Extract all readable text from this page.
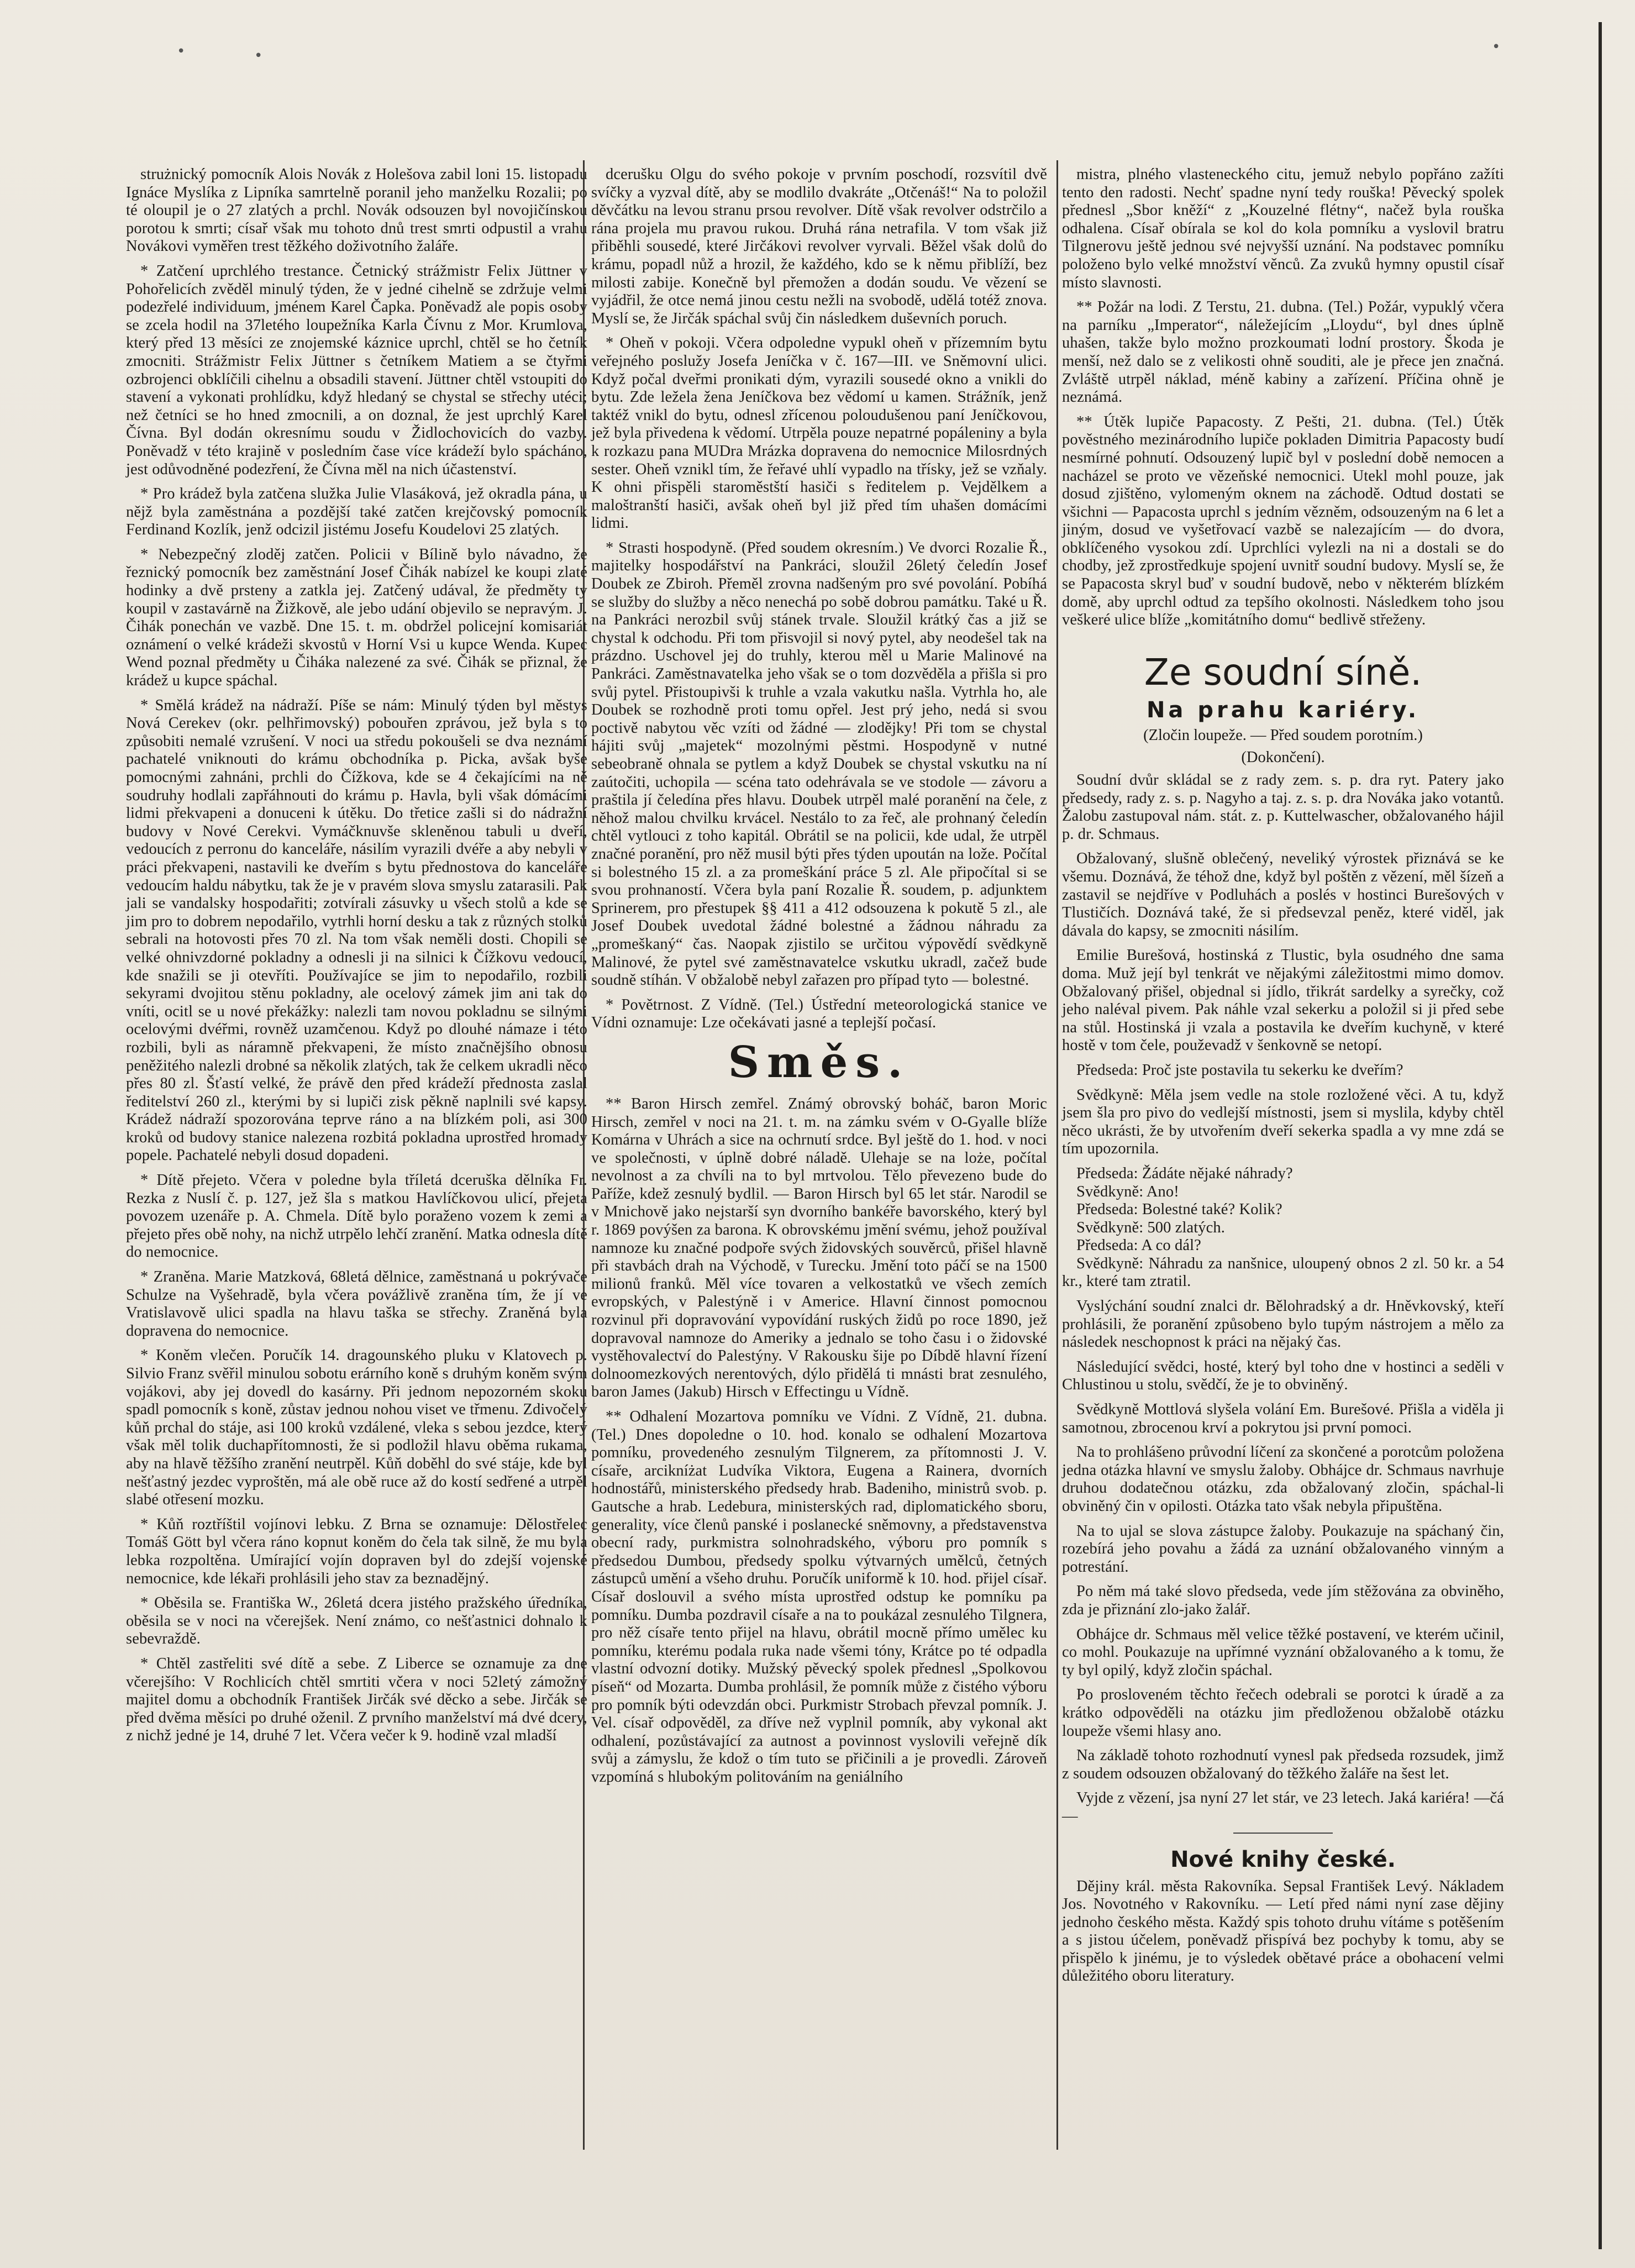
•	•
•

strużnický pomocník Alois Novák z Holešova zabil loni 15. listopadu Ignáce Myslíka z Lipníka samrtelně poranil jeho manželku Rozalii; po té oloupil je o 27 zlatých a prchl. Novák odsouzen byl novojičínskou porotou k smrti; císař však mu tohoto dnů trest smrti odpustil a vrahu Novákovi vyměřen trest těžkého doživotního žaláře.

* Zatčení uprchlého trestance. Četnický strážmistr Felix Jüttner v Pohořelicích zvěděl minulý týden, že v jedné cihelně se zdržuje velmi podezřelé individuum, jménem Karel Čapka. Poněvadž ale popis osoby se zcela hodil na 37letého loupežníka Karla Čívnu z Mor. Krumlova, který před 13 měsíci ze znojemské káznice uprchl, chtěl se ho četník zmocniti. Strážmistr Felix Jüttner s četníkem Matiem a se čtyřmi ozbrojenci obklíčili cihelnu a obsadili stavení. Jüttner chtěl vstoupiti do stavení a vykonati prohlídku, když hledaný se chystal se střechy utéci; než četníci se ho hned zmocnili, a on doznal, že jest uprchlý Karel Čívna. Byl dodán okresnímu soudu v Židlochovicích do vazby. Poněvadž v této krajině v posledním čase více krádeží bylo spácháno, jest odůvodněné podezření, že Čívna měl na nich účastenství.

* Pro krádež byla zatčena služka Julie Vlasáková, jež okradla pána, u nějž byla zaměstnána a pozdější také zatčen krejčovský pomocník Ferdinand Kozlík, jenž odcizil jistému Josefu Koudelovi 25 zlatých.

* Nebezpečný zloděj zatčen. Policii v Bílině bylo návadno, že řeznický pomocník bez zaměstnání Josef Čihák nabízel ke koupi zlaté hodinky a dvě prsteny a zatkla jej. Zatčený udával, že předměty ty koupil v zastavárně na Žižkově, ale jebo udání objevilo se nepravým. J. Čihák ponechán ve vazbě. Dne 15. t. m. obdržel policejní komisariát oznámení o velké krádeži skvostů v Horní Vsi u kupce Wenda. Kupec Wend poznal předměty u Čiháka nalezené za své. Čihák se přiznal, že krádež u kupce spáchal.

* Smělá krádež na nádraží. Píše se nám: Minulý týden byl městys Nová Cerekev (okr. pelhřimovský) pobouřen zprávou, jež byla s to způsobiti nemalé vzrušení. V noci ua středu pokoušeli se dva neznámí pachatelé vniknouti do krámu obchodníka p. Picka, avšak byše pomocnými zahnáni, prchli do Čížkova, kde se 4 čekajícími na ně soudruhy hodlali zapřáhnouti do krámu p. Havla, byli však dómácími lidmi překvapeni a donuceni k útěku. Do třetice zašli si do nádražní budovy v Nové Cerekvi. Vymáčknuvše skleněnou tabuli u dveří, vedoucích z perronu do kanceláře, násilím vyrazili dvéře a aby nebyli v práci překvapeni, nastavili ke dveřím s bytu přednostova do kanceláře vedoucím haldu nábytku, tak že je v pravém slova smyslu zatarasili. Pak jali se vandalsky hospodařiti; zotvírali zásuvky u všech stolů a kde se jim pro to dobrem nepodařilo, vytrhli horní desku a tak z různých stolků sebrali na hotovosti přes 70 zl. Na tom však neměli dosti. Chopili se velké ohnivzdorné pokladny a odnesli ji na silnici k Čížkovu vedoucí, kde snažili se ji otevříti. Používajíce se jim to nepodařilo, rozbili sekyrami dvojitou stěnu pokladny, ale ocelový zámek jim ani tak do vníti, ocitl se u nové překážky: nalezli tam novou pokladnu se silnými ocelovými dvéřmi, rovněž uzamčenou. Když po dlouhé námaze i této rozbili, byli as náramně překvapeni, že místo značnějšího obnosu peněžitého nalezli drobné sa několik zlatých, tak že celkem ukradli něco přes 80 zl. Šťastí velké, že právě den před krádeží přednosta zaslal ředitelství 260 zl., kterými by si lupiči zisk pěkně naplnili své kapsy. Krádež nádraží spozorována teprve ráno a na blízkém poli, asi 300 kroků od budovy stanice nalezena rozbitá pokladna uprostřed hromady popele. Pachatelé nebyli dosud dopadeni.

* Dítě přejeto. Včera v poledne byla tříletá dceruška dělníka Fr. Rezka z Nuslí č. p. 127, jež šla s matkou Havlíčkovou ulicí, přejeta povozem uzenáře p. A. Chmela. Dítě bylo poraženo vozem k zemi a přejeto přes obě nohy, na nichž utrpělo lehčí zranění. Matka odnesla dítě do nemocnice.

* Zraněna. Marie Matzková, 68letá dělnice, zaměstnaná u pokrývače Schulze na Vyšehradě, byla včera povážlivě zraněna tím, že jí ve Vratislavově ulici spadla na hlavu taška se střechy. Zraněná byla dopravena do nemocnice.

* Koněm vlečen. Poručík 14. dragounského pluku v Klatovech p. Silvio Franz svěřil minulou sobotu erárního koně s druhým koněm svým vojákovi, aby jej dovedl do kasárny. Při jednom nepozorném skoku spadl pomocník s koně, zůstav jednou nohou viset ve třmenu. Zdivočelý kůň prchal do stáje, asi 100 kroků vzdálené, vleka s sebou jezdce, který však měl tolik duchapřítomnosti, že si podložil hlavu oběma rukama, aby na hlavě těžšího zranění neutrpěl. Kůň doběhl do své stáje, kde byl nešťastný jezdec vyproštěn, má ale obě ruce až do kostí sedřené a utrpěl slabé otřesení mozku.

* Kůň roztříštil vojínovi lebku. Z Brna se oznamuje: Dělostřelec Tomáš Gött byl včera ráno kopnut koněm do čela tak silně, že mu byla lebka rozpoltěna. Umírající vojín dopraven byl do zdejší vojenské nemocnice, kde lékaři prohlásili jeho stav za beznadějný.

* Oběsila se. Františka W., 26letá dcera jistého pražského úředníka, oběsila se v noci na včerejšek. Není známo, co nešťastnici dohnalo k sebevraždě.

* Chtěl zastřeliti své dítě a sebe. Z Liberce se oznamuje za dne včerejšího: V Rochlicích chtěl smrtiti včera v noci 52letý zámožný majitel domu a obchodník František Jirčák své děcko a sebe. Jirčák se před dvěma měsíci po druhé oženil. Z prvního manželství má dvé dcery, z nichž jedné je 14, druhé 7 let. Včera večer k 9. hodině vzal mladší

dcerušku Olgu do svého pokoje v prvním poschodí, rozsvítil dvě svíčky a vyzval dítě, aby se modlilo dvakráte „Otčenáš!“ Na to položil děvčátku na levou stranu prsou revolver. Dítě však revolver odstrčilo a rána projela mu pravou rukou. Druhá rána netrafila. V tom však již přiběhli sousedé, které Jirčákovi revolver vyrvali. Běžel však dolů do krámu, popadl nůž a hrozil, že každého, kdo se k němu přiblíží, bez milosti zabije. Konečně byl přemožen a dodán soudu. Ve vězení se vyjádřil, že otce nemá jinou cestu nežli na svobodě, udělá totéž znova. Myslí se, že Jirčák spáchal svůj čin následkem duševních poruch.

* Oheň v pokoji. Včera odpoledne vypukl oheň v přízemním bytu veřejného poslužy Josefa Jeníčka v č. 167—III. ve Sněmovní ulici. Když počal dveřmi pronikati dým, vyrazili sousedé okno a vnikli do bytu. Zde ležela žena Jeníčkova bez vědomí u kamen. Strážník, jenž taktéž vnikl do bytu, odnesl zřícenou poloudušenou paní Jeníčkovou, jež byla přivedena k vědomí. Utrpěla pouze nepatrné popáleniny a byla k rozkazu pana MUDra Mrázka dopravena do nemocnice Milosrdných sester. Oheň vznikl tím, že řeřavé uhlí vypadlo na třísky, jež se vzňaly. K ohni přispěli staroměstští hasiči s ředitelem p. Vejdělkem a maloštranští hasiči, avšak oheň byl již před tím uhašen domácími lidmi.

* Strasti hospodyně. (Před soudem okresním.) Ve dvorci Rozalie Ř., majitelky hospodářství na Pankráci, sloužil 26letý čeledín Josef Doubek ze Zbiroh. Přeměl zrovna nadšeným pro své povolání. Pobíhá se služby do služby a něco nenechá po sobě dobrou památku. Také u Ř. na Pankráci nerozbil svůj stánek trvale. Sloužil krátký čas a již se chystal k odchodu. Při tom přisvojil si nový pytel, aby neodešel tak na prázdno. Uschovel jej do truhly, kterou měl u Marie Malinové na Pankráci. Zaměstnavatelka jeho však se o tom dozvěděla a přišla si pro svůj pytel. Přistoupivši k truhle a vzala vakutku našla. Vytrhla ho, ale Doubek se rozhodně proti tomu opřel. Jest prý jeho, nedá si svou poctivě nabytou věc vzíti od žádné — zlodějky! Při tom se chystal hájiti svůj „majetek“ mozolnými pěstmi. Hospodyně v nutné sebeobraně ohnala se pytlem a když Doubek se chystal vskutku na ní zaútočiti, uchopila — scéna tato odehrávala se ve stodole — závoru a praštila jí čeledína přes hlavu. Doubek utrpěl malé poranění na čele, z něhož malou chvilku krvácel. Nestálo to za řeč, ale prohnaný čeledín chtěl vytlouci z toho kapitál. Obrátil se na policii, kde udal, že utrpěl značné poranění, pro něž musil býti přes týden upoután na lože. Počítal si bolestného 15 zl. a za promeškání práce 5 zl. Ale připočítal si se svou prohnaností. Včera byla paní Rozalie Ř. soudem, p. adjunktem Sprinerem, pro přestupek §§ 411 a 412 odsouzena k pokutě 5 zl., ale Josef Doubek uvedotal žádné bolestné a žádnou náhradu za „promeškaný“ čas. Naopak zjistilo se určitou výpovědí svědkyně Malinové, že pytel své zaměstnavatelce vskutku ukradl, začež bude soudně stíhán. V obžalobě nebyl zařazen pro případ tyto — bolestné.

* Povětrnost. Z Vídně. (Tel.) Ústřední meteorologická stanice ve Vídni oznamuje: Lze očekávati jasné a teplejší počasí.

Směs.

** Baron Hirsch zemřel. Známý obrovský boháč, baron Moric Hirsch, zemřel v noci na 21. t. m. na zámku svém v O-Gyalle blíže Komárna v Uhrách a sice na ochrnutí srdce. Byl ještě do 1. hod. v noci ve společnosti, v úplně dobré náladě. Ulehaje se na loże, počítal nevolnost a za chvíli na to byl mrtvolou. Tělo převezeno bude do Paříže, kdež zesnulý bydlil. — Baron Hirsch byl 65 let stár. Narodil se v Mnichově jako nejstarší syn dvorního bankéře bavorského, který byl r. 1869 povýšen za barona. K obrovskému jmění svému, jehož používal namnoze ku značné podpoře svých židovských souvěrců, přišel hlavně při stavbách drah na Východě, v Turecku. Jmění toto páčí se na 1500 milionů franků. Měl více tovaren a velkostatků ve všech zemích evropských, v Palestýně i v Americe. Hlavní činnost pomocnou rozvinul při dopravování vypovídání ruských židů po roce 1890, jež dopravoval namnoze do Ameriky a jednalo se toho času i o židovské vystěhovalectví do Palestýny. V Rakousku šije po Díbdě hlavní řízení dolnoomezkových nerentových, dýlo přidělá ti mnásti brat zesnulého, baron James (Jakub) Hirsch v Effectingu u Vídně.

** Odhalení Mozartova pomníku ve Vídni. Z Vídně, 21. dubna. (Tel.) Dnes dopoledne o 10. hod. konalo se odhalení Mozartova pomníku, provedeného zesnulým Tilgnerem, za přítomnosti J. V. císaře, arcikníżat Ludvíka Viktora, Eugena a Rainera, dvorních hodnostářů, ministerského předsedy hrab. Badeniho, ministrů svob. p. Gautsche a hrab. Ledebura, ministerských rad, diplomatického sboru, generality, více členů panské i poslanecké sněmovny, a představenstva obecní rady, purkmistra solnohradského, výboru pro pomník s předsedou Dumbou, předsedy spolku výtvarných umělců, četných zástupců umění a všeho druhu. Poručík uniformě k 10. hod. přijel císař. Císař doslouvil a svého místa uprostřed odstup ke pomníku pa pomníku. Dumba pozdravil císaře a na to poukázal zesnulého Tilgnera, pro něž císaře tento přijel na hlavu, obrátil mocně přímo umělec ku pomníku, kterému podala ruka nade všemi tóny, Krátce po té odpadla vlastní odvozní dotiky. Mužský pěvecký spolek přednesl „Spolkovou píseň“ od Mozarta. Dumba prohlásil, že pomník může z čistého výboru pro pomník býti odevzdán obci. Purkmistr Strobach převzal pomník. J. Vel. císař odpověděl, za dříve než vyplnil pomník, aby vykonal akt odhalení, pozůstávající za autnost a povinnost vyslovili veřejně dík svůj a zámyslu, že kdož o tím tuto se přičinili a je provedli. Zároveň vzpomíná s hlubokým politováním na geniálního

mistra, plného vlasteneckého citu, jemuž nebylo popřáno zažíti tento den radosti. Nechť spadne nyní tedy rouška! Pěvecký spolek přednesl „Sbor kněží“ z „Kouzelné flétny“, načež byla rouška odhalena. Císař obírala se kol do kola pomníku a vyslovil bratru Tilgnerovu ještě jednou své nejvyšší uznání. Na podstavec pomníku položeno bylo velké množství věnců. Za zvuků hymny opustil císař místo slavnosti.

** Požár na lodi. Z Terstu, 21. dubna. (Tel.) Požár, vypuklý včera na parníku „Imperator“, náležejícím „Lloydu“, byl dnes úplně uhašen, takže bylo možno prozkoumati lodní prostory. Škoda je menší, než dalo se z velikosti ohně souditi, ale je přece jen značná. Zvláště utrpěl náklad, méně kabiny a zařízení. Příčina ohně je neznámá.

** Útěk lupiče Papacosty. Z Pešti, 21. dubna. (Tel.) Útěk pověstného mezinárodního lupiče pokladen Dimitria Papacosty budí nesmírné pohnutí. Odsouzený lupič byl v poslední době nemocen a nacházel se proto ve vězeňské nemocnici. Utekl mohl pouze, jak dosud zjištěno, vylomeným oknem na záchodě. Odtud dostati se všichni — Papacosta uprchl s jedním vězněm, odsouzeným na 6 let a jiným, dosud ve vyšetřovací vazbě se nalezajícím — do dvora, obklíčeného vysokou zdí. Uprchlíci vylezli na ni a dostali se do chodby, jež zprostředkuje spojení uvnitř soudní budovy. Myslí se, že se Papacosta skryl buď v soudní budově, nebo v některém blízkém domě, aby uprchl odtud za tepšího okolnosti. Následkem toho jsou veškeré ulice blíže „komitátního domu“ bedlivě střeženy.

Ze soudní síně.
Na prahu kariéry.
(Zločin loupeže. — Před soudem porotním.)
(Dokončení).

Soudní dvůr skládal se z rady zem. s. p. dra ryt. Patery jako předsedy, rady z. s. p. Nagyho a taj. z. s. p. dra Nováka jako votantů. Žalobu zastupoval nám. stát. z. p. Kuttelwascher, obžalovaného hájil p. dr. Schmaus.

Obžalovaný, slušně oblečený, neveliký výrostek přiznává se ke všemu. Doznává, že téhož dne, když byl poštěn z vězení, měl šízeň a zastavil se nejdříve v Podluhách a poslés v hostinci Burešových v Tlustičích. Doznává také, že si předsevzal peněz, které viděl, jak dávala do kapsy, se zmocniti násilím.

Emilie Burešová, hostinská z Tlustic, byla osudného dne sama doma. Muž její byl tenkrát ve nějakými záležitostmi mimo domov. Obžalovaný přišel, objednal si jídlo, třikrát sardelky a syrečky, což jeho naléval pivem. Pak náhle vzal sekerku a položil si ji před sebe na stůl. Hostinská ji vzala a postavila ke dveřím kuchyně, v které hostě v tom čele, použevadž v šenkovně se netopí.

Předseda: Proč jste postavila tu sekerku ke dveřím?

Svědkyně: Měla jsem vedle na stole rozložené věci. A tu, když jsem šla pro pivo do vedlejší místnosti, jsem si myslila, kdyby chtěl něco ukrásti, že by utvořením dveří sekerka spadla a vy mne zdá se tím upozornila.

Předseda: Žádáte nějaké náhrady?

Svědkyně: Ano!

Předseda: Bolestné také? Kolik?

Svědkyně: 500 zlatých.

Předseda: A co dál?

Svědkyně: Náhradu za nanšnice, uloupený obnos 2 zl. 50 kr. a 54 kr., které tam ztratil.

Vyslýchání soudní znalci dr. Bělohradský a dr. Hněvkovský, kteří prohlásili, že poranění způsobeno bylo tupým nástrojem a mělo za následek neschopnost k práci na nějaký čas.

Následující svědci, hosté, který byl toho dne v hostinci a seděli v Chlustinou u stolu, svědčí, že je to obviněný.

Svědkyně Mottlová slyšela volání Em. Burešové. Přišla a viděla ji samotnou, zbrocenou krví a pokrytou jsi první pomoci.

Na to prohlášeno průvodní líčení za skončené a porotcům položena jedna otázka hlavní ve smyslu žaloby. Obhájce dr. Schmaus navrhuje druhou dodatečnou otázku, zda obžalovaný zločin, spáchal-li obviněný čin v opilosti. Otázka tato však nebyla připuštěna.

Na to ujal se slova zástupce žaloby. Poukazuje na spáchaný čin, rozebírá jeho povahu a žádá za uznání obžalovaného vinným a potrestání.

Po něm má také slovo předseda, vede jím stěžována za obviněho, zda je přiznání zlo-jako žalář.

Obhájce dr. Schmaus měl velice těžké postavení, ve kterém učinil, co mohl. Poukazuje na upřímné vyznání obžalovaného a k tomu, že ty byl opilý, když zločin spáchal.

Po prosloveném těchto řečech odebrali se porotci k úradě a za krátko odpověděli na otázku jim předloženou obžalobě otázku loupeže všemi hlasy ano.

Na základě tohoto rozhodnutí vynesl pak předseda rozsudek, jimž z soudem odsouzen obžalovaný do těžkého žaláře na šest let.

Vyjde z vězení, jsa nyní 27 let stár, ve 23 letech. Jaká kariéra! —čá—

Nové knihy české.

Dějiny král. města Rakovníka. Sepsal František Levý. Nákladem Jos. Novotného v Rakovníku. — Letí před námi nyní zase dějiny jednoho českého města. Každý spis tohoto druhu vítáme s potěšením a s jistou účelem, poněvadž přispívá bez pochyby k tomu, aby se přispělo k jinému, je to výsledek obětavé práce a obohacení velmi důležitého oboru literatury.
